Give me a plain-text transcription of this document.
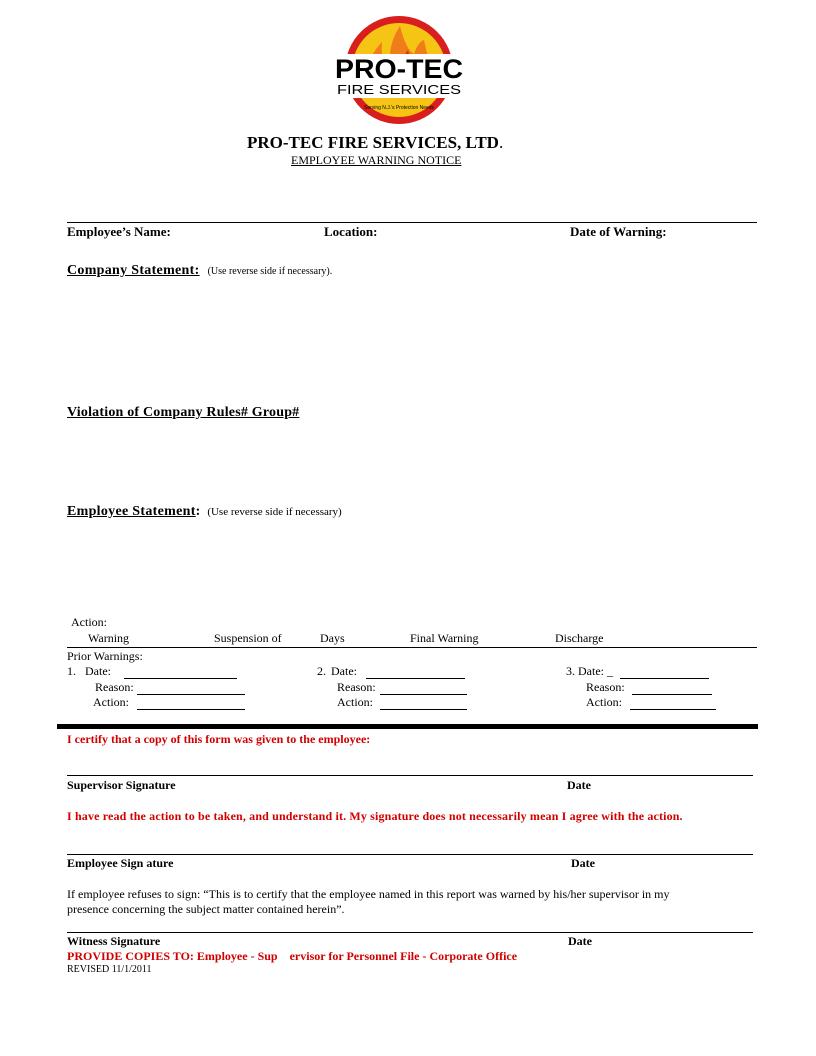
PRO-TEC
FIRE SERVICES
Serving N.J.'s Protection Needs
PRO-TEC FIRE SERVICES, LTD.
EMPLOYEE WARNING NOTICE
Employee’s Name:	Location:	Date of Warning:
Company Statement: (Use reverse side if necessary).
Violation of Company Rules# Group#
Employee Statement: (Use reverse side if necessary)
Action:
Warning	Suspension of	Days	Final Warning	Discharge
Prior Warnings:
1. Date:
Reason:
Action:
2. Date:
Reason:
Action:
3. Date: _
Reason:
Action:
I certify that a copy of this form was given to the employee:
Supervisor Signature	Date
I have read the action to be taken, and understand it. My signature does not necessarily mean I agree with the action.
Employee Sign ature	Date
If employee refuses to sign: “This is to certify that the employee named in this report was warned by his/her supervisor in my
presence concerning the subject matter contained herein”.
Witness Signature	Date
PROVIDE COPIES TO: Employee - Sup    ervisor for Personnel File - Corporate Office
REVISED 11/1/2011
